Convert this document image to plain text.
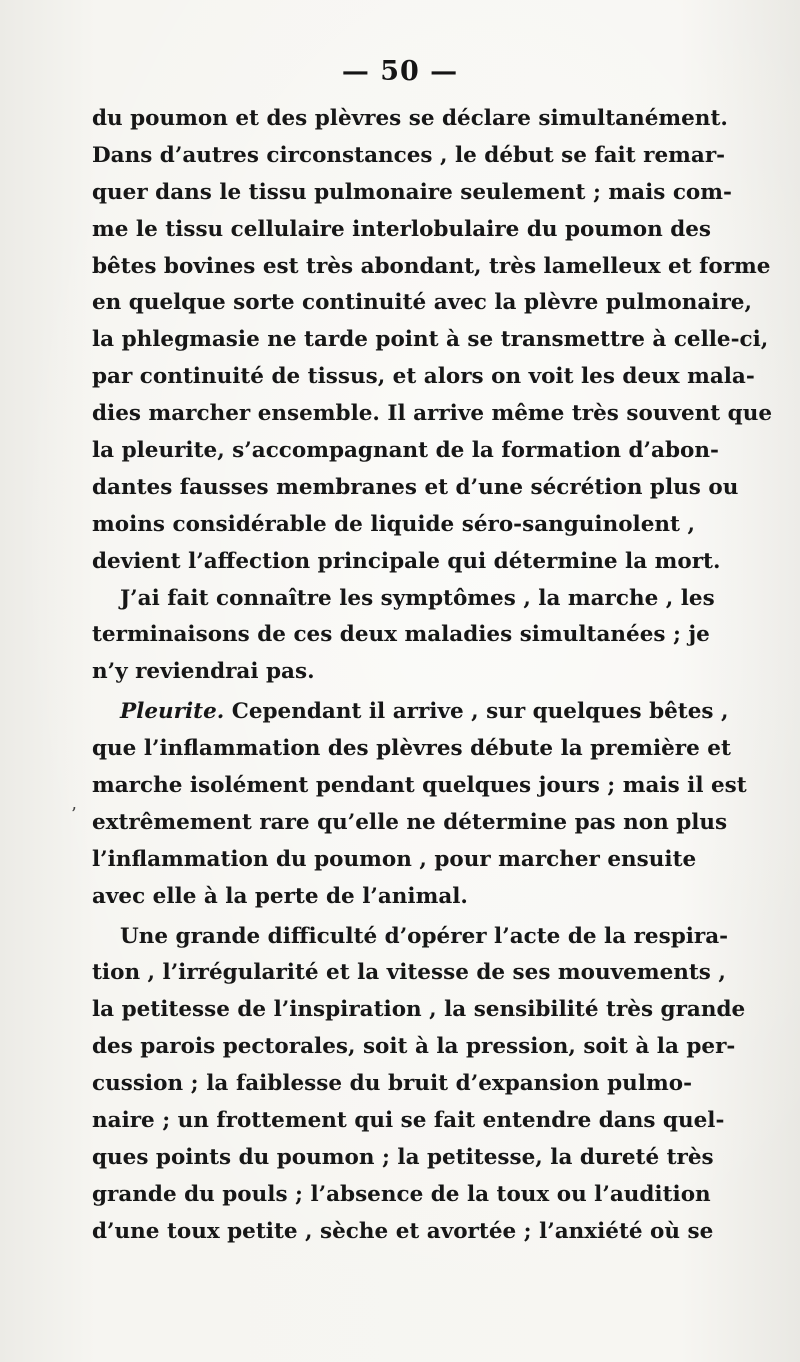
— 50 —
’
du poumon et des plèvres se déclare simultanément.
Dans d’autres circonstances , le début se fait remar-
quer dans le tissu pulmonaire seulement ; mais com-
me le tissu cellulaire interlobulaire du poumon des
bêtes bovines est très abondant, très lamelleux et forme
en quelque sorte continuité avec la plèvre pulmonaire,
la phlegmasie ne tarde point à se transmettre à celle-ci,
par continuité de tissus, et alors on voit les deux mala-
dies marcher ensemble. Il arrive même très souvent que
la pleurite, s’accompagnant de la formation d’abon-
dantes fausses membranes et d’une sécrétion plus ou
moins considérable de liquide séro-sanguinolent ,
devient l’affection principale qui détermine la mort.
J’ai fait connaître les symptômes , la marche , les
terminaisons de ces deux maladies simultanées ; je
n’y reviendrai pas.
Pleurite. Cependant il arrive , sur quelques bêtes ,
que l’inflammation des plèvres débute la première et
marche isolément pendant quelques jours ; mais il est
extrêmement rare qu’elle ne détermine pas non plus
l’inflammation du poumon , pour marcher ensuite
avec elle à la perte de l’animal.
Une grande difficulté d’opérer l’acte de la respira-
tion , l’irrégularité et la vitesse de ses mouvements ,
la petitesse de l’inspiration , la sensibilité très grande
des parois pectorales, soit à la pression, soit à la per-
cussion ; la faiblesse du bruit d’expansion pulmo-
naire ; un frottement qui se fait entendre dans quel-
ques points du poumon ; la petitesse, la dureté très
grande du pouls ; l’absence de la toux ou l’audition
d’une toux petite , sèche et avortée ; l’anxiété où se
